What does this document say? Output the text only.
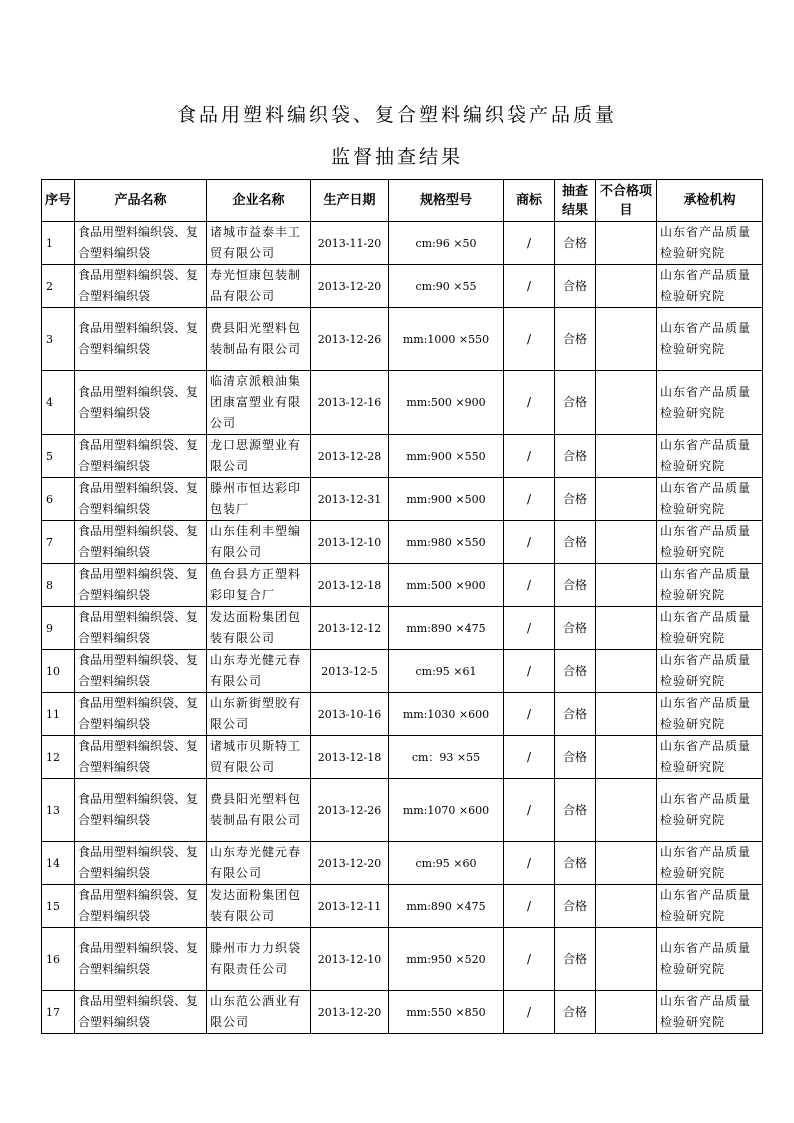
食品用塑料编织袋、复合塑料编织袋产品质量
监督抽查结果
序号	产品名称	企业名称	生产日期	规格型号	商标	抽查结果	不合格项目	承检机构
1	食品用塑料编织袋、复合塑料编织袋	诸城市益泰丰工贸有限公司	2013-11-20	cm:96 ×50	/	合格		山东省产品质量检验研究院
2	食品用塑料编织袋、复合塑料编织袋	寿光恒康包装制品有限公司	2013-12-20	cm:90 ×55	/	合格		山东省产品质量检验研究院
3	食品用塑料编织袋、复合塑料编织袋	费县阳光塑料包装制品有限公司	2013-12-26	mm:1000 ×550	/	合格		山东省产品质量检验研究院
4	食品用塑料编织袋、复合塑料编织袋	临清京派粮油集团康富塑业有限公司	2013-12-16	mm:500 ×900	/	合格		山东省产品质量检验研究院
5	食品用塑料编织袋、复合塑料编织袋	龙口思源塑业有限公司	2013-12-28	mm:900 ×550	/	合格		山东省产品质量检验研究院
6	食品用塑料编织袋、复合塑料编织袋	滕州市恒达彩印包装厂	2013-12-31	mm:900 ×500	/	合格		山东省产品质量检验研究院
7	食品用塑料编织袋、复合塑料编织袋	山东佳利丰塑编有限公司	2013-12-10	mm:980 ×550	/	合格		山东省产品质量检验研究院
8	食品用塑料编织袋、复合塑料编织袋	鱼台县方正塑料彩印复合厂	2013-12-18	mm:500 ×900	/	合格		山东省产品质量检验研究院
9	食品用塑料编织袋、复合塑料编织袋	发达面粉集团包装有限公司	2013-12-12	mm:890 ×475	/	合格		山东省产品质量检验研究院
10	食品用塑料编织袋、复合塑料编织袋	山东寿光健元春有限公司	2013-12-5	cm:95 ×61	/	合格		山东省产品质量检验研究院
11	食品用塑料编织袋、复合塑料编织袋	山东新街塑胶有限公司	2013-10-16	mm:1030 ×600	/	合格		山东省产品质量检验研究院
12	食品用塑料编织袋、复合塑料编织袋	诸城市贝斯特工贸有限公司	2013-12-18	cm：93 ×55	/	合格		山东省产品质量检验研究院
13	食品用塑料编织袋、复合塑料编织袋	费县阳光塑料包装制品有限公司	2013-12-26	mm:1070 ×600	/	合格		山东省产品质量检验研究院
14	食品用塑料编织袋、复合塑料编织袋	山东寿光健元春有限公司	2013-12-20	cm:95 ×60	/	合格		山东省产品质量检验研究院
15	食品用塑料编织袋、复合塑料编织袋	发达面粉集团包装有限公司	2013-12-11	mm:890 ×475	/	合格		山东省产品质量检验研究院
16	食品用塑料编织袋、复合塑料编织袋	滕州市力力织袋有限责任公司	2013-12-10	mm:950 ×520	/	合格		山东省产品质量检验研究院
17	食品用塑料编织袋、复合塑料编织袋	山东范公酒业有限公司	2013-12-20	mm:550 ×850	/	合格		山东省产品质量检验研究院
